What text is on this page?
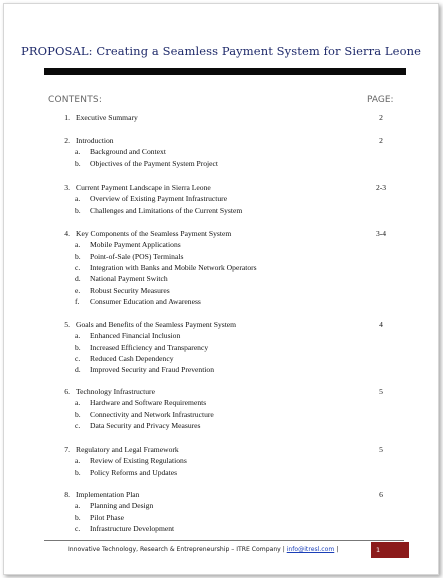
PROPOSAL: Creating a Seamless Payment System for Sierra Leone
CONTENTS:	PAGE:
1. Executive Summary	2
2. Introduction	2
a.	Background and Context
b.	Objectives of the Payment System Project
3. Current Payment Landscape in Sierra Leone	2-3
a.	Overview of Existing Payment Infrastructure
b.	Challenges and Limitations of the Current System
4. Key Components of the Seamless Payment System	3-4
a.	Mobile Payment Applications
b.	Point-of-Sale (POS) Terminals
c.	Integration with Banks and Mobile Network Operators
d.	National Payment Switch
e.	Robust Security Measures
f.	Consumer Education and Awareness
5. Goals and Benefits of the Seamless Payment System	4
a.	Enhanced Financial Inclusion
b.	Increased Efficiency and Transparency
c.	Reduced Cash Dependency
d.	Improved Security and Fraud Prevention
6. Technology Infrastructure	5
a.	Hardware and Software Requirements
b.	Connectivity and Network Infrastructure
c.	Data Security and Privacy Measures
7. Regulatory and Legal Framework	5
a.	Review of Existing Regulations
b.	Policy Reforms and Updates
8. Implementation Plan	6
a.	Planning and Design
b.	Pilot Phase
c.	Infrastructure Development
Innovative Technology, Research & Entrepreneurship – ITRE Company | info@itresl.com |	1
